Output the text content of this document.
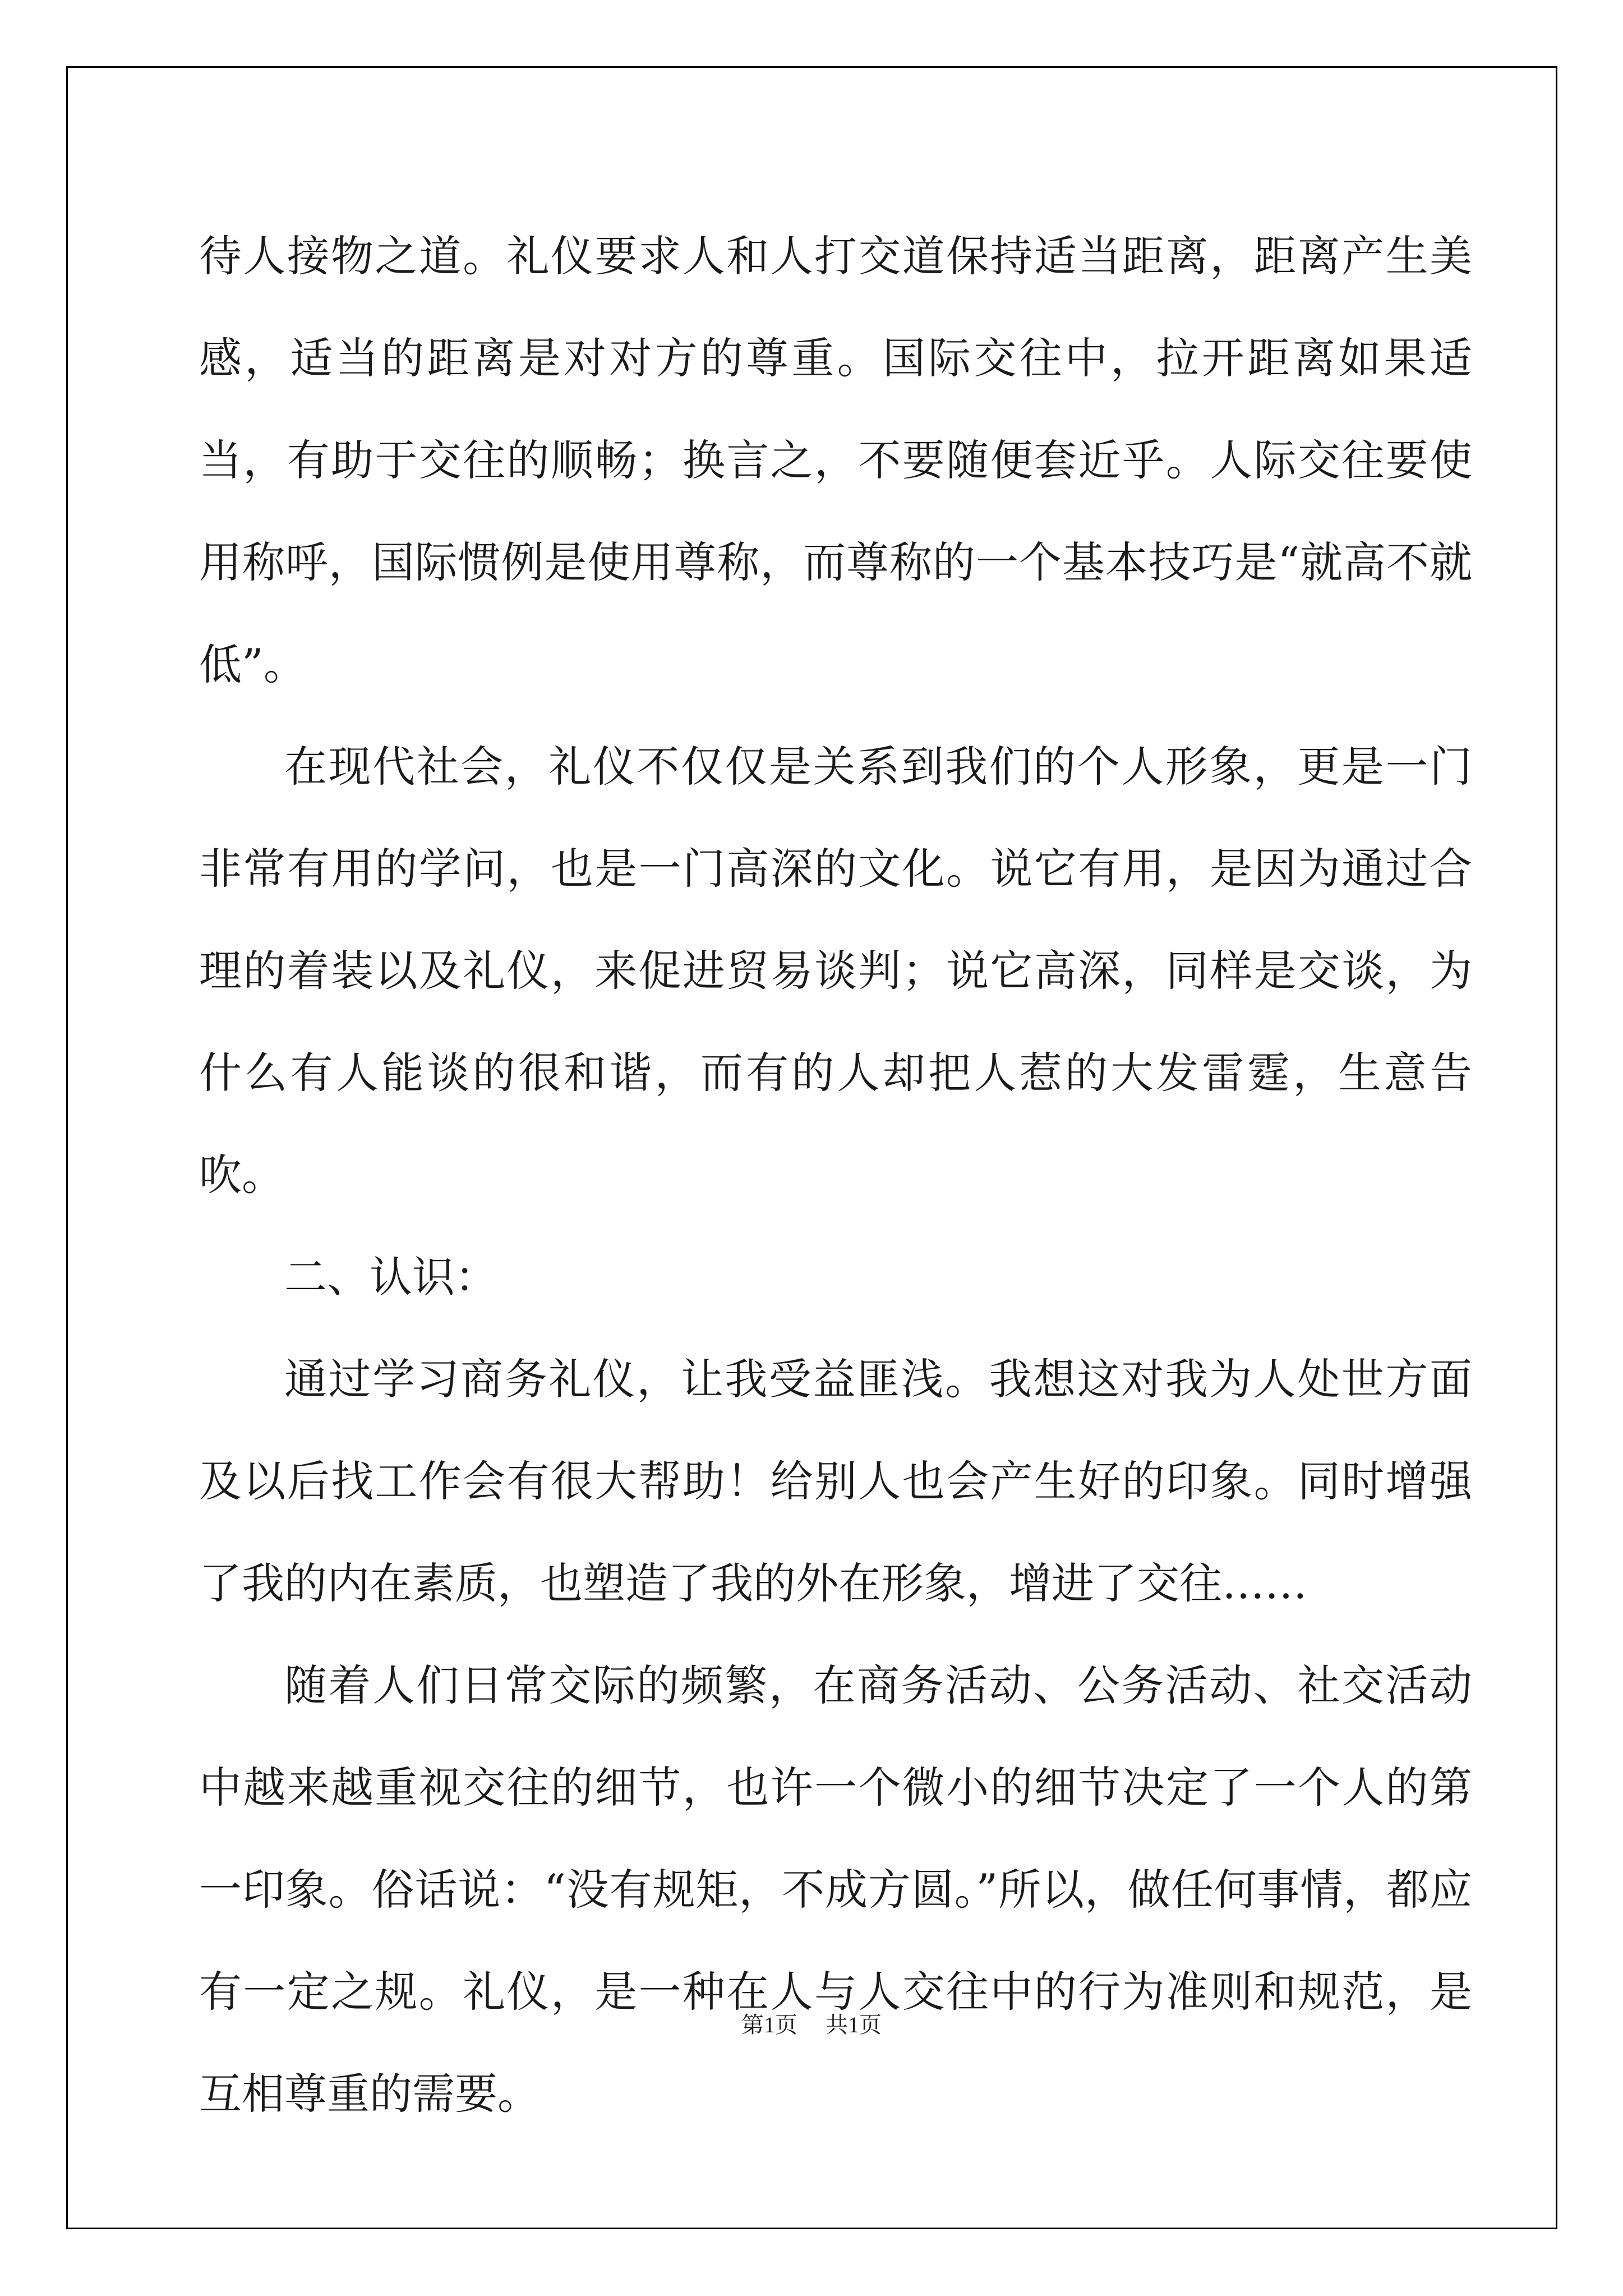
待人接物之道。礼仪要求人和人打交道保持适当距离，距离产生美感，适当的距离是对对方的尊重。国际交往中，拉开距离如果适当，有助于交往的顺畅；换言之，不要随便套近乎。人际交往要使用称呼，国际惯例是使用尊称，而尊称的一个基本技巧是“就高不就低”。

在现代社会，礼仪不仅仅是关系到我们的个人形象，更是一门非常有用的学问，也是一门高深的文化。说它有用，是因为通过合理的着装以及礼仪，来促进贸易谈判；说它高深，同样是交谈，为什么有人能谈的很和谐，而有的人却把人惹的大发雷霆，生意告吹。

二、认识：

通过学习商务礼仪，让我受益匪浅。我想这对我为人处世方面及以后找工作会有很大帮助！给别人也会产生好的印象。同时增强了我的内在素质，也塑造了我的外在形象，增进了交往……

随着人们日常交际的频繁，在商务活动、公务活动、社交活动中越来越重视交往的细节，也许一个微小的细节决定了一个人的第一印象。俗话说：“没有规矩，不成方圆。”所以，做任何事情，都应有一定之规。礼仪，是一种在人与人交往中的行为准则和规范，是互相尊重的需要。

第1页 共1页
